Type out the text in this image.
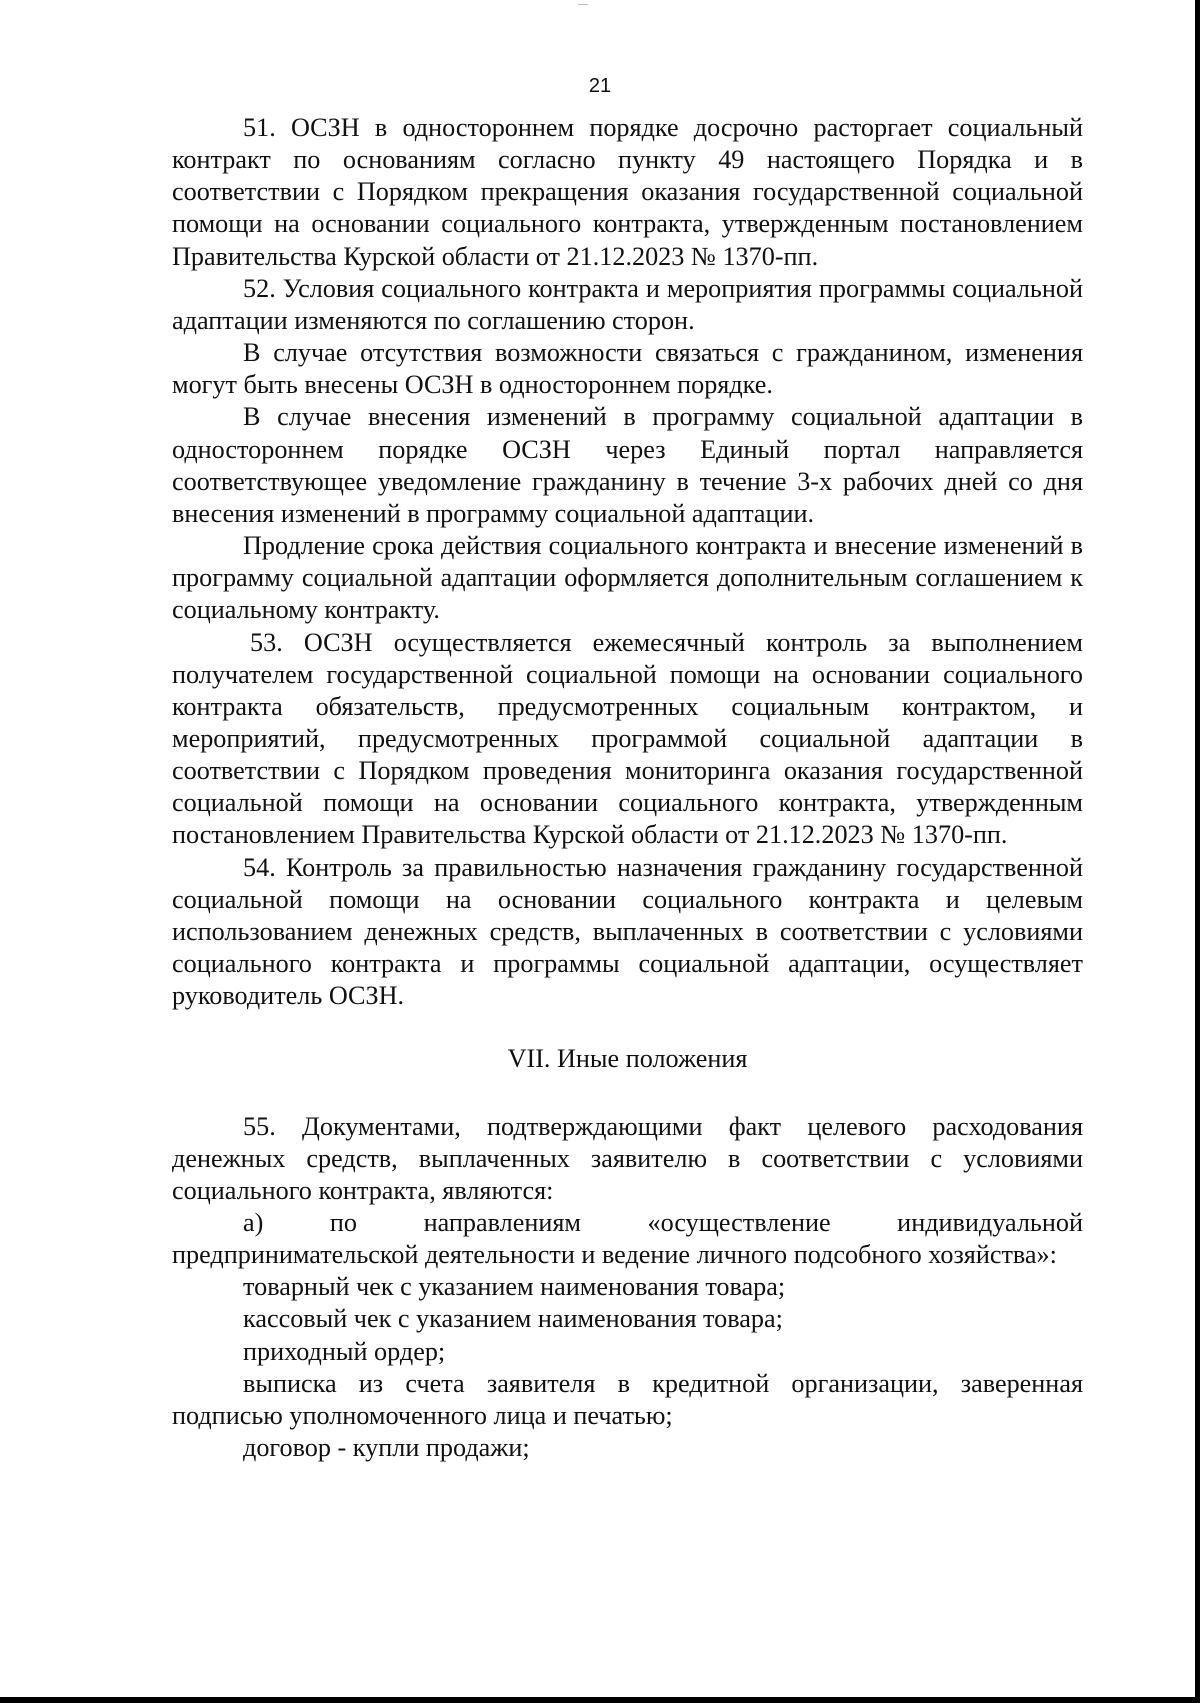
21

51. ОСЗН в одностороннем порядке досрочно расторгает социальный контракт по основаниям согласно пункту 49 настоящего Порядка и в соответствии с Порядком прекращения оказания государственной социальной помощи на основании социального контракта, утвержденным постановлением Правительства Курской области от 21.12.2023 № 1370-пп.

52. Условия социального контракта и мероприятия программы социальной адаптации изменяются по соглашению сторон.

В случае отсутствия возможности связаться с гражданином, изменения могут быть внесены ОСЗН в одностороннем порядке.

В случае внесения изменений в программу социальной адаптации в одностороннем порядке ОСЗН через Единый портал направляется соответствующее уведомление гражданину в течение 3-х рабочих дней со дня внесения изменений в программу социальной адаптации.

Продление срока действия социального контракта и внесение изменений в программу социальной адаптации оформляется дополнительным соглашением к социальному контракту.

53. ОСЗН осуществляется ежемесячный контроль за выполнением получателем государственной социальной помощи на основании социального контракта обязательств, предусмотренных социальным контрактом, и мероприятий, предусмотренных программой социальной адаптации в соответствии с Порядком проведения мониторинга оказания государственной социальной помощи на основании социального контракта, утвержденным постановлением Правительства Курской области от 21.12.2023 № 1370-пп.

54. Контроль за правильностью назначения гражданину государственной социальной помощи на основании социального контракта и целевым использованием денежных средств, выплаченных в соответствии с условиями социального контракта и программы социальной адаптации, осуществляет руководитель ОСЗН.

VII. Иные положения

55. Документами, подтверждающими факт целевого расходования денежных средств, выплаченных заявителю в соответствии с условиями социального контракта, являются:

а) по направлениям «осуществление индивидуальной предпринимательской деятельности и ведение личного подсобного хозяйства»:

товарный чек с указанием наименования товара;

кассовый чек с указанием наименования товара;

приходный ордер;

выписка из счета заявителя в кредитной организации, заверенная подписью уполномоченного лица и печатью;

договор - купли продажи;
